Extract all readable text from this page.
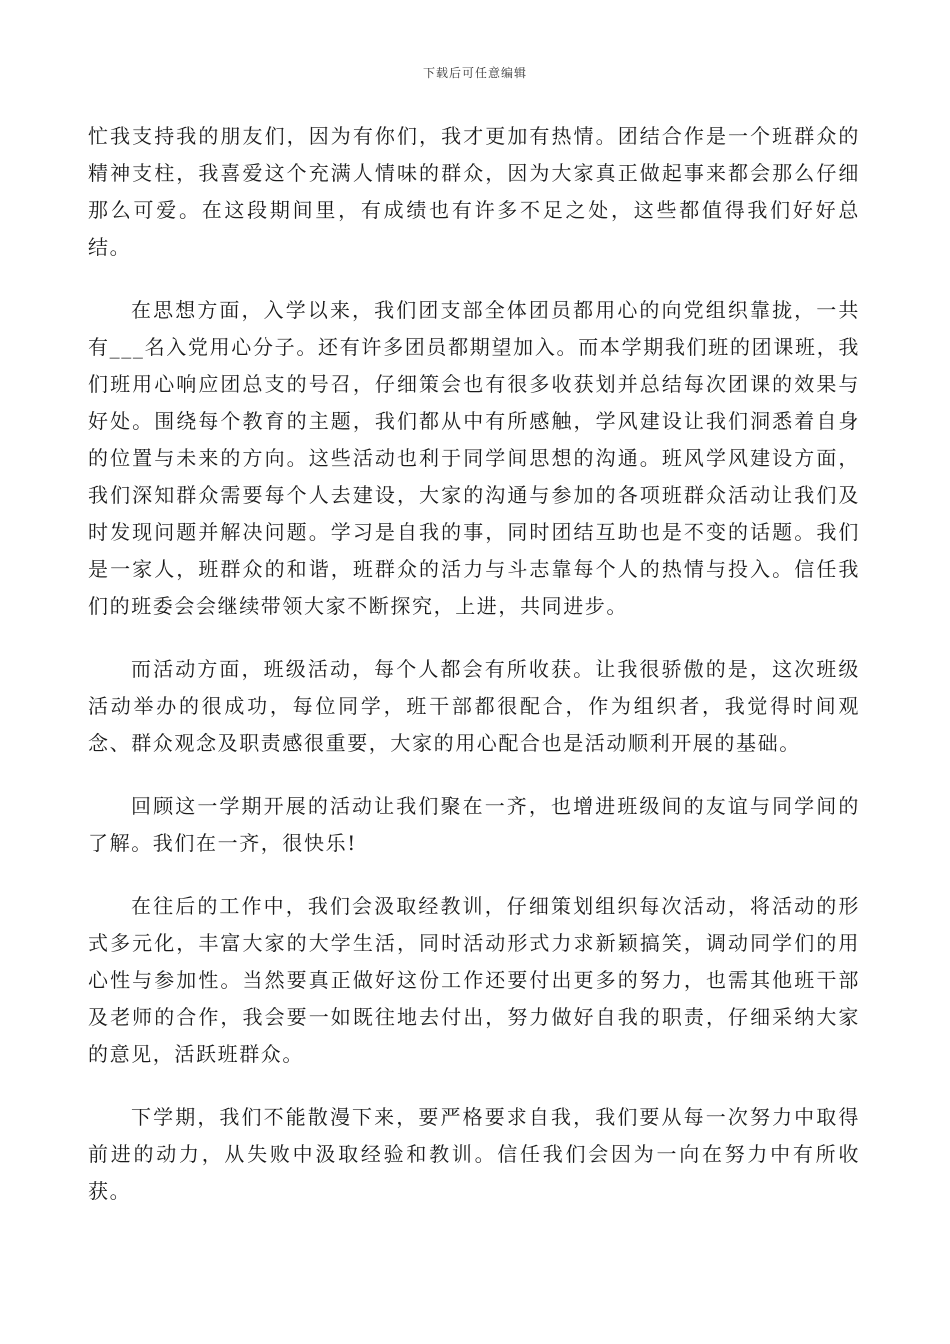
下载后可任意编辑

忙我支持我的朋友们，因为有你们，我才更加有热情。团结合作是一个班群众的精神支柱，我喜爱这个充满人情味的群众，因为大家真正做起事来都会那么仔细那么可爱。在这段期间里，有成绩也有许多不足之处，这些都值得我们好好总结。

在思想方面，入学以来，我们团支部全体团员都用心的向党组织靠拢，一共有___名入党用心分子。还有许多团员都期望加入。而本学期我们班的团课班，我们班用心响应团总支的号召，仔细策会也有很多收获划并总结每次团课的效果与好处。围绕每个教育的主题，我们都从中有所感触，学风建设让我们洞悉着自身的位置与未来的方向。这些活动也利于同学间思想的沟通。班风学风建设方面，我们深知群众需要每个人去建设，大家的沟通与参加的各项班群众活动让我们及时发现问题并解决问题。学习是自我的事，同时团结互助也是不变的话题。我们是一家人，班群众的和谐，班群众的活力与斗志靠每个人的热情与投入。信任我们的班委会会继续带领大家不断探究，上进，共同进步。

而活动方面，班级活动，每个人都会有所收获。让我很骄傲的是，这次班级活动举办的很成功，每位同学，班干部都很配合，作为组织者，我觉得时间观念、群众观念及职责感很重要，大家的用心配合也是活动顺利开展的基础。

回顾这一学期开展的活动让我们聚在一齐，也增进班级间的友谊与同学间的了解。我们在一齐，很快乐!

在往后的工作中，我们会汲取经教训，仔细策划组织每次活动，将活动的形式多元化，丰富大家的大学生活，同时活动形式力求新颖搞笑，调动同学们的用心性与参加性。当然要真正做好这份工作还要付出更多的努力，也需其他班干部及老师的合作，我会要一如既往地去付出，努力做好自我的职责，仔细采纳大家的意见，活跃班群众。

下学期，我们不能散漫下来，要严格要求自我，我们要从每一次努力中取得前进的动力，从失败中汲取经验和教训。信任我们会因为一向在努力中有所收获。
